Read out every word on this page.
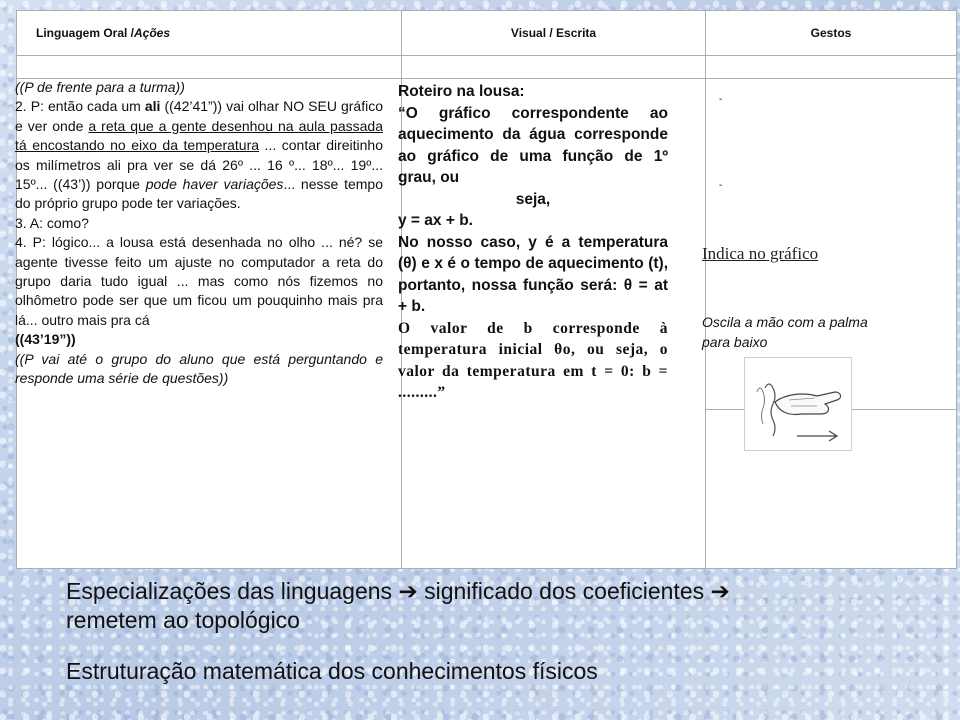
Linguagem Oral / Ações	Visual / Escrita	Gestos

((P de frente para a turma))

2. P: então cada um ali ((42’41”)) vai olhar NO SEU gráfico e ver onde a reta que a gente desenhou na aula passada tá encostando no eixo da temperatura ... contar direitinho os milímetros ali pra ver se dá 26º ... 16 º... 18º... 19º... 15º... ((43’)) porque pode haver variações... nesse tempo do próprio grupo pode ter variações.

3. A: como?

4. P: lógico... a lousa está desenhada no olho ... né? se agente tivesse feito um ajuste no computador a reta do grupo daria tudo igual ... mas como nós fizemos no olhômetro pode ser que um ficou um pouquinho mais pra lá... outro mais pra cá

((43’19”))

((P vai até o grupo do aluno que está perguntando e responde uma série de questões))

Roteiro na lousa:

“O gráfico correspondente ao aquecimento da água corresponde ao gráfico de uma função de 1º grau, ou

seja,

y = ax + b.

No nosso caso, y é a temperatura (θ) e x é o tempo de aquecimento (t), portanto, nossa função será: θ = at + b.

O valor de b corresponde à temperatura inicial θo, ou seja, o valor da temperatura em t = 0: b = .........”

-
-
Indica no gráfico
Oscila a mão com a palma para baixo
Especializações das linguagens ➔ significado dos coeficientes ➔
remetem ao topológico
Estruturação matemática dos conhecimentos físicos
